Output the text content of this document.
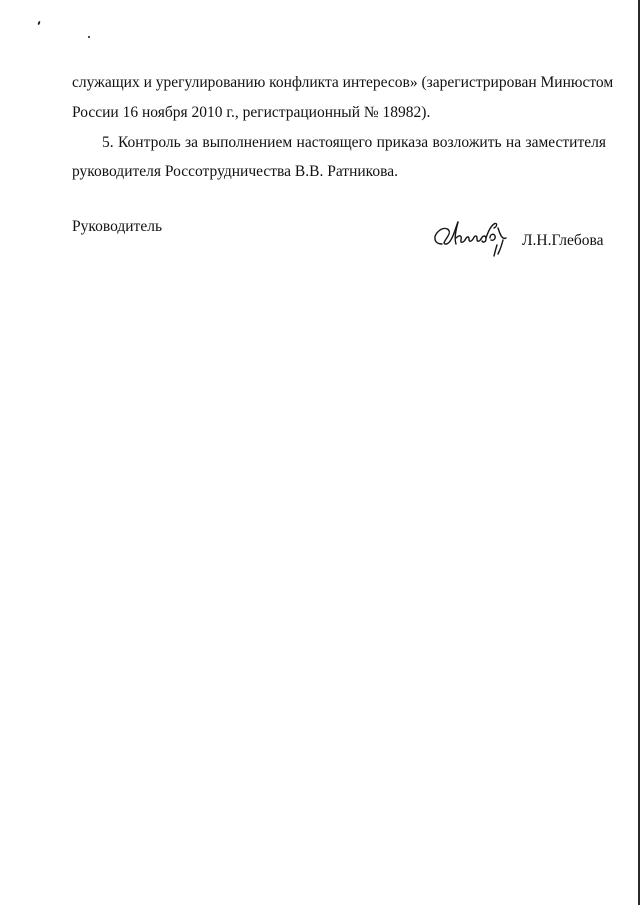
служащих и урегулированию конфликта интересов» (зарегистрирован Минюстом
России 16 ноября 2010 г., регистрационный № 18982).
5. Контроль за выполнением настоящего приказа возложить на заместителя
руководителя Россотрудничества В.В. Ратникова.
Руководитель
Л.Н.Глебова
